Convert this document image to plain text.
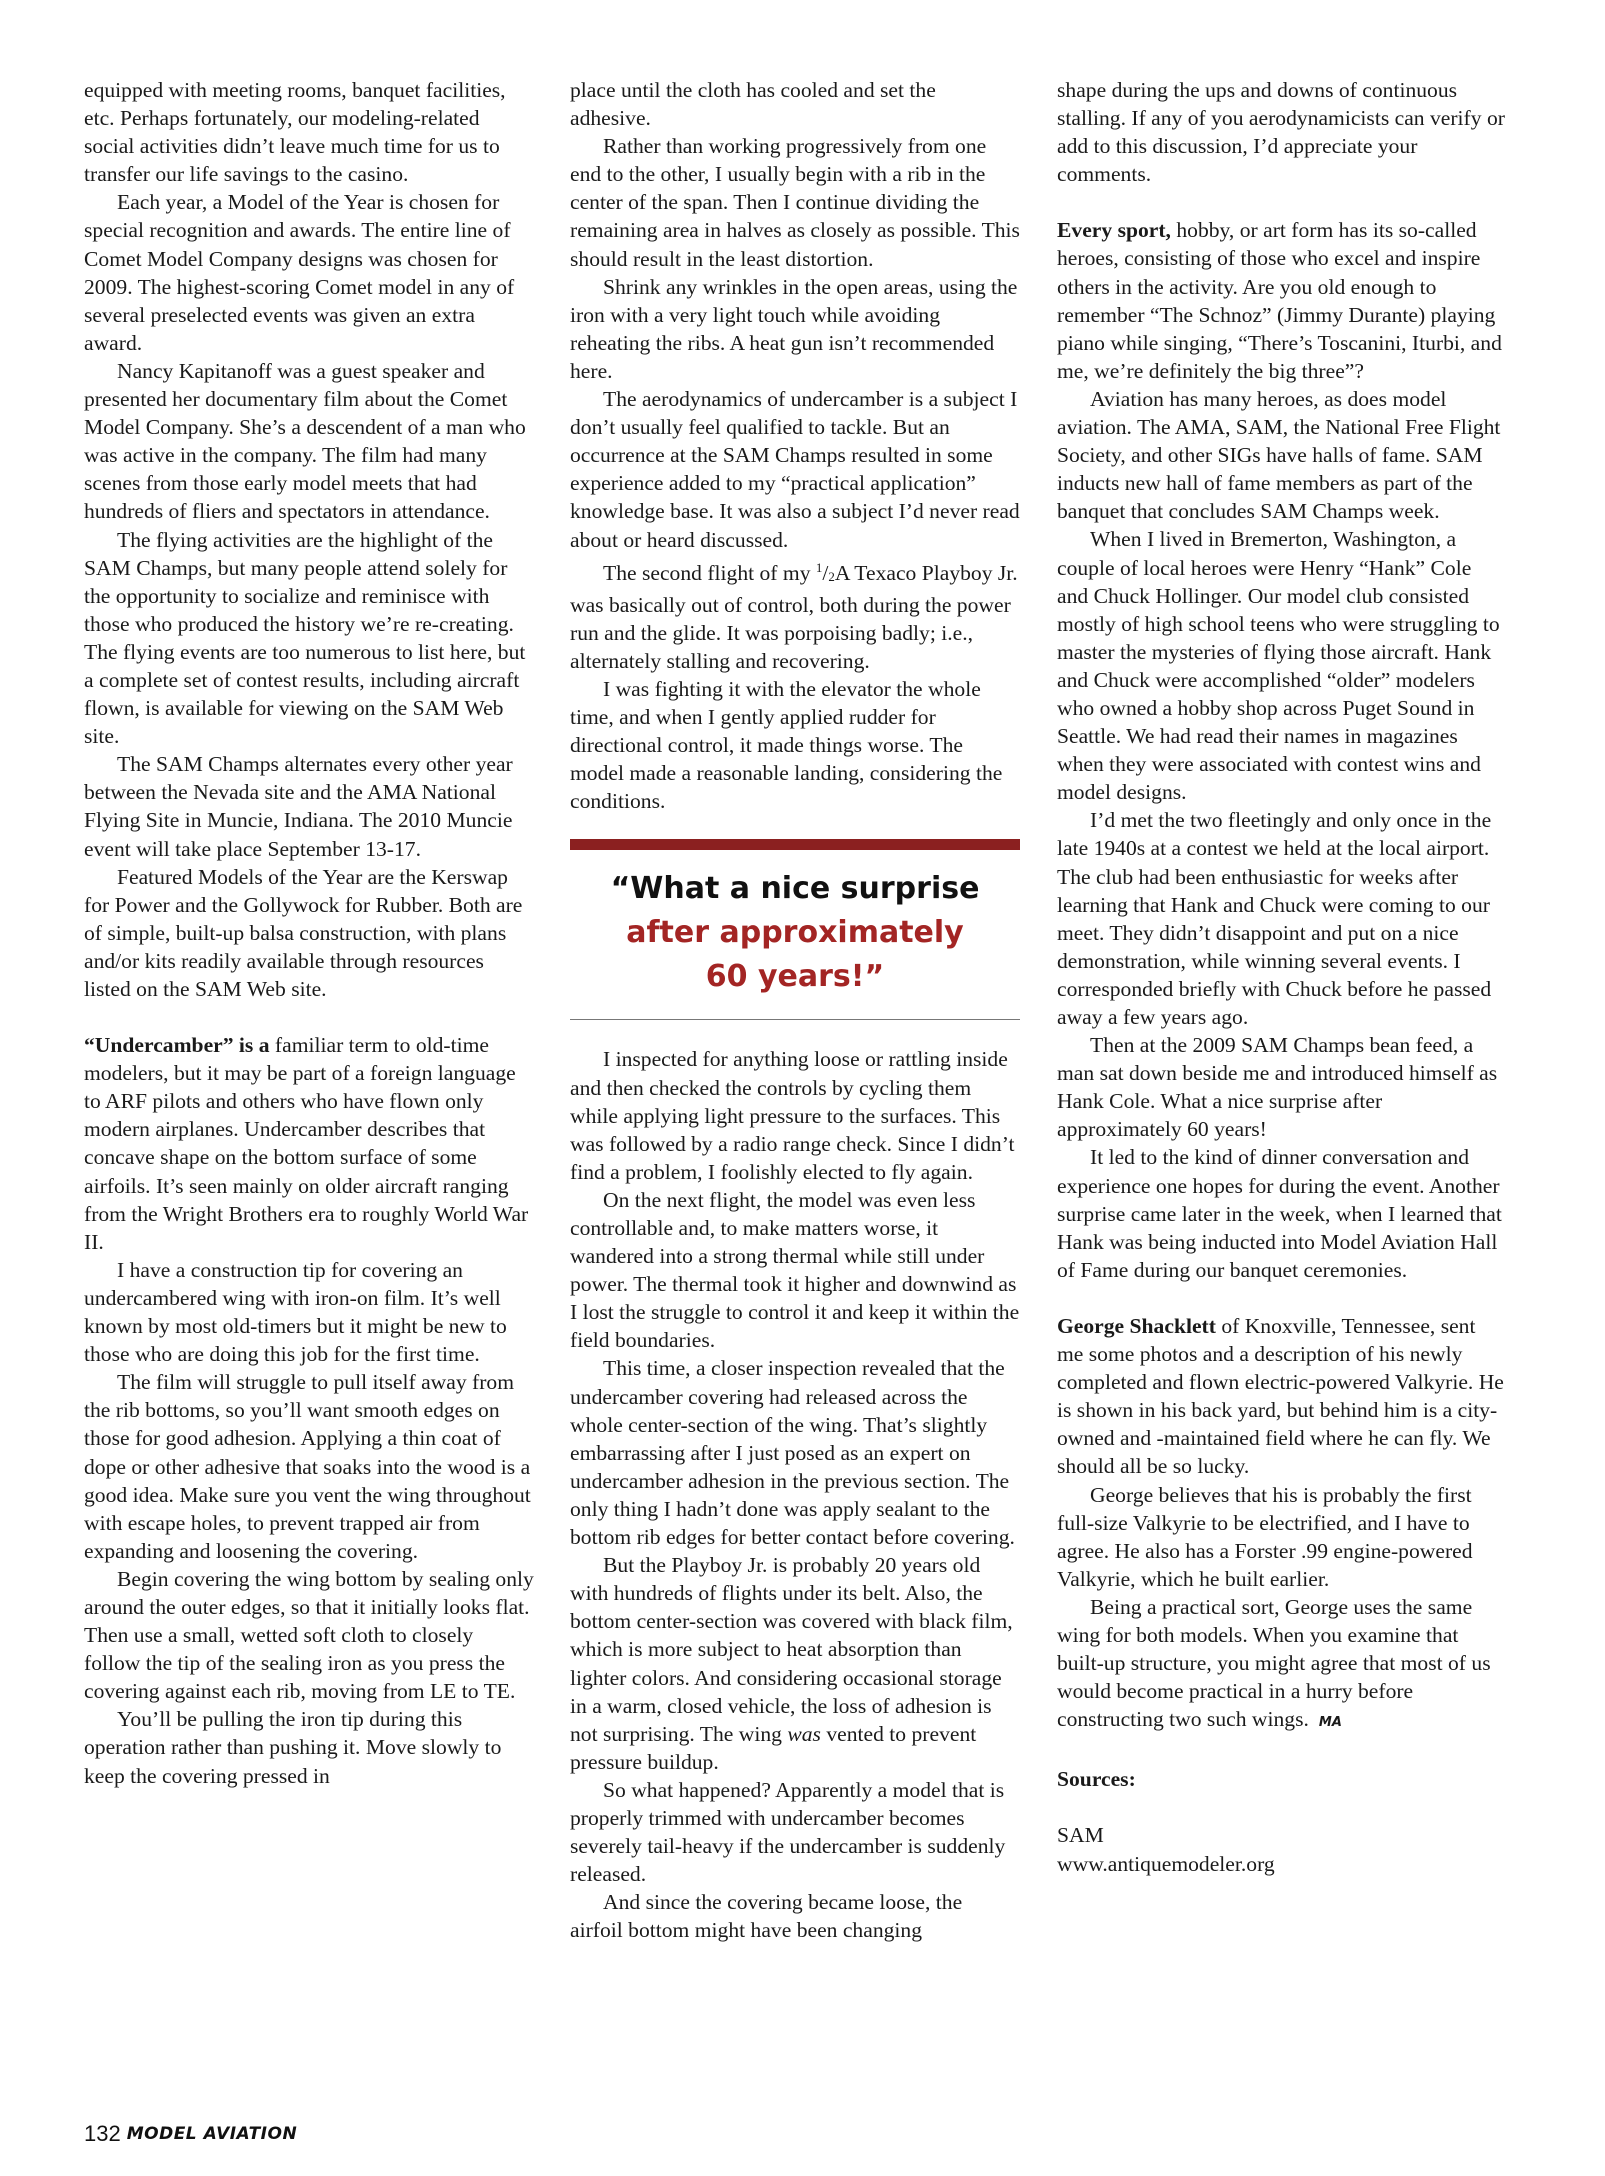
equipped with meeting rooms, banquet facilities, etc. Perhaps fortunately, our modeling-related social activities didn’t leave much time for us to transfer our life savings to the casino.

Each year, a Model of the Year is chosen for special recognition and awards. The entire line of Comet Model Company designs was chosen for 2009. The highest-scoring Comet model in any of several preselected events was given an extra award.

Nancy Kapitanoff was a guest speaker and presented her documentary film about the Comet Model Company. She’s a descendent of a man who was active in the company. The film had many scenes from those early model meets that had hundreds of fliers and spectators in attendance.

The flying activities are the highlight of the SAM Champs, but many people attend solely for the opportunity to socialize and reminisce with those who produced the history we’re re-creating. The flying events are too numerous to list here, but a complete set of contest results, including aircraft flown, is available for viewing on the SAM Web site.

The SAM Champs alternates every other year between the Nevada site and the AMA National Flying Site in Muncie, Indiana. The 2010 Muncie event will take place September 13-17.

Featured Models of the Year are the Kerswap for Power and the Gollywock for Rubber. Both are of simple, built-up balsa construction, with plans and/or kits readily available through resources listed on the SAM Web site.

“Undercamber” is a familiar term to old-time modelers, but it may be part of a foreign language to ARF pilots and others who have flown only modern airplanes. Undercamber describes that concave shape on the bottom surface of some airfoils. It’s seen mainly on older aircraft ranging from the Wright Brothers era to roughly World War II.

I have a construction tip for covering an undercambered wing with iron-on film. It’s well known by most old-timers but it might be new to those who are doing this job for the first time.

The film will struggle to pull itself away from the rib bottoms, so you’ll want smooth edges on those for good adhesion. Applying a thin coat of dope or other adhesive that soaks into the wood is a good idea. Make sure you vent the wing throughout with escape holes, to prevent trapped air from expanding and loosening the covering.

Begin covering the wing bottom by sealing only around the outer edges, so that it initially looks flat. Then use a small, wetted soft cloth to closely follow the tip of the sealing iron as you press the covering against each rib, moving from LE to TE.

You’ll be pulling the iron tip during this operation rather than pushing it. Move slowly to keep the covering pressed in

place until the cloth has cooled and set the adhesive.

Rather than working progressively from one end to the other, I usually begin with a rib in the center of the span. Then I continue dividing the remaining area in halves as closely as possible. This should result in the least distortion.

Shrink any wrinkles in the open areas, using the iron with a very light touch while avoiding reheating the ribs. A heat gun isn’t recommended here.

The aerodynamics of undercamber is a subject I don’t usually feel qualified to tackle. But an occurrence at the SAM Champs resulted in some experience added to my “practical application” knowledge base. It was also a subject I’d never read about or heard discussed.

The second flight of my $^1/_2A$ Texaco Playboy Jr. was basically out of control, both during the power run and the glide. It was porpoising badly; i.e., alternately stalling and recovering.

I was fighting it with the elevator the whole time, and when I gently applied rudder for directional control, it made things worse. The model made a reasonable landing, considering the conditions.

“What a nice surprise
after approximately
60 years!”

I inspected for anything loose or rattling inside and then checked the controls by cycling them while applying light pressure to the surfaces. This was followed by a radio range check. Since I didn’t find a problem, I foolishly elected to fly again.

On the next flight, the model was even less controllable and, to make matters worse, it wandered into a strong thermal while still under power. The thermal took it higher and downwind as I lost the struggle to control it and keep it within the field boundaries.

This time, a closer inspection revealed that the undercamber covering had released across the whole center-section of the wing. That’s slightly embarrassing after I just posed as an expert on undercamber adhesion in the previous section. The only thing I hadn’t done was apply sealant to the bottom rib edges for better contact before covering.

But the Playboy Jr. is probably 20 years old with hundreds of flights under its belt. Also, the bottom center-section was covered with black film, which is more subject to heat absorption than lighter colors. And considering occasional storage in a warm, closed vehicle, the loss of adhesion is not surprising. The wing was vented to prevent pressure buildup.

So what happened? Apparently a model that is properly trimmed with undercamber becomes severely tail-heavy if the undercamber is suddenly released.

And since the covering became loose, the airfoil bottom might have been changing

shape during the ups and downs of continuous stalling. If any of you aerodynamicists can verify or add to this discussion, I’d appreciate your comments.

Every sport, hobby, or art form has its so-called heroes, consisting of those who excel and inspire others in the activity. Are you old enough to remember “The Schnoz” (Jimmy Durante) playing piano while singing, “There’s Toscanini, Iturbi, and me, we’re definitely the big three”?

Aviation has many heroes, as does model aviation. The AMA, SAM, the National Free Flight Society, and other SIGs have halls of fame. SAM inducts new hall of fame members as part of the banquet that concludes SAM Champs week.

When I lived in Bremerton, Washington, a couple of local heroes were Henry “Hank” Cole and Chuck Hollinger. Our model club consisted mostly of high school teens who were struggling to master the mysteries of flying those aircraft. Hank and Chuck were accomplished “older” modelers who owned a hobby shop across Puget Sound in Seattle. We had read their names in magazines when they were associated with contest wins and model designs.

I’d met the two fleetingly and only once in the late 1940s at a contest we held at the local airport. The club had been enthusiastic for weeks after learning that Hank and Chuck were coming to our meet. They didn’t disappoint and put on a nice demonstration, while winning several events. I corresponded briefly with Chuck before he passed away a few years ago.

Then at the 2009 SAM Champs bean feed, a man sat down beside me and introduced himself as Hank Cole. What a nice surprise after approximately 60 years!

It led to the kind of dinner conversation and experience one hopes for during the event. Another surprise came later in the week, when I learned that Hank was being inducted into Model Aviation Hall of Fame during our banquet ceremonies.

George Shacklett of Knoxville, Tennessee, sent me some photos and a description of his newly completed and flown electric-powered Valkyrie. He is shown in his back yard, but behind him is a city-owned and -maintained field where he can fly. We should all be so lucky.

George believes that his is probably the first full-size Valkyrie to be electrified, and I have to agree. He also has a Forster .99 engine-powered Valkyrie, which he built earlier.

Being a practical sort, George uses the same wing for both models. When you examine that built-up structure, you might agree that most of us would become practical in a hurry before constructing two such wings. MA

Sources:

SAM

www.antiquemodeler.org

132 MODEL AVIATION
